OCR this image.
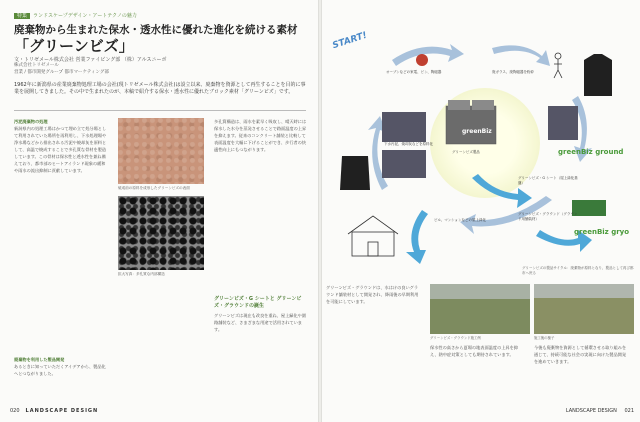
特集 ランドスケープデザイン・アートテクノの魅力
廃棄物から生まれた保水・透水性に優れた進化を続ける素材
「グリーンビズ」
文・トリゼメール株式会社 営業ファイビング部 （株）アルスニーボ
株式会社トリゼメール
営業 / 都市開発グループ 都市マーケティング部
1962年に新潟県の産業廃棄物処理工場の会社(現トリゼメール株式会社)は設立以来、廃棄物を資源として再生することを目的に事業を展開してきました。その中で生まれたのが、本稿で紹介する保水・透水性に優れたブロック素材「グリーンビズ」です。
汚泥廃棄物の処理
新潟県内の処理工場はかつて埋め立て処分場として利用されていた場所を再利用し、下水処理場や浄水場などから排出される汚泥や焼却灰を原料として、高温で焼成することで多孔質な骨材を製造しています。この骨材は保水性と透水性を兼ね備えており、都市部のヒートアイランド現象の緩和や雨水の流出抑制に貢献しています。
焼成前の原料を成形したグリーンビズの表面
拡大写真：多孔質な内部構造
多孔質構造は、雨水を素早く吸収し、晴天時には保水した水分を蒸発させることで路面温度の上昇を抑えます。従来のコンクリート舗装と比較して表面温度を大幅に下げることができ、歩行者の快適性向上にもつながります。
グリーンビズ・G シートと グリーンビズ・グラウンドの誕生
グリーンビズは現在も改良を重ね、屋上緑化や園路舗装など、さまざまな用途で活用されています。
廃棄物を利用した製品開発
あるときに知っていただくアイデアから、製品化へとつながりました。
020 LANDSCAPE DESIGN
START!
greenBiz ground
greenBiz
greenBiz gryo
オーブンなどの家電、ビン、陶磁器	廃ガラス、廃陶磁器を粉砕
下水汚泥、焼却灰などを原料化
グリーンビズ製品
グリーンビズ・グラウンド（グラウンド用舗装材）
グリーンビズ・G シート（屋上緑化基盤）
ビル、マンションなどの屋上緑化
グリーンビズの製品サイクル：廃棄物が原料となり、製品として再び都市へ戻る
グリーンビズ・グラウンドは、水はけの良いグラウンド舗装材として開発され、降雨後の早期利用を可能にしています。
グリーンビズ・グラウンド施工例	施工後の様子
保水性の高さから夏場の地表面温度の上昇を抑え、熱中症対策としても期待されています。
今後も廃棄物を資源として循環させる取り組みを通じて、持続可能な社会の実現に向けた製品開発を進めていきます。
LANDSCAPE DESIGN 021
